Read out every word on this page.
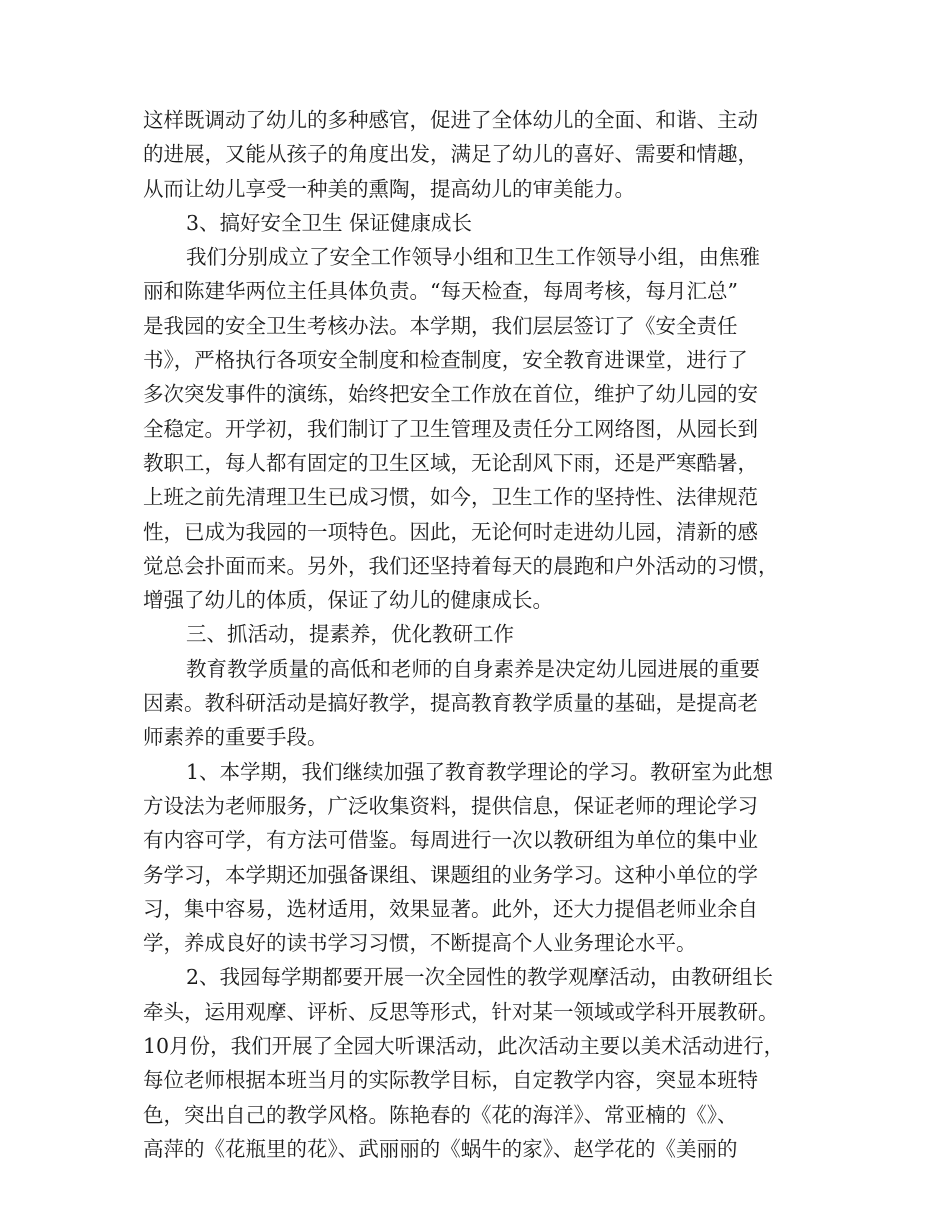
这样既调动了幼儿的多种感官，促进了全体幼儿的全面、和谐、主动
的进展，又能从孩子的角度出发，满足了幼儿的喜好、需要和情趣，
从而让幼儿享受一种美的熏陶，提高幼儿的审美能力。
3、搞好安全卫生 保证健康成长
我们分别成立了安全工作领导小组和卫生工作领导小组，由焦雅
丽和陈建华两位主任具体负责。“每天检查，每周考核，每月汇总”
是我园的安全卫生考核办法。本学期，我们层层签订了《安全责任
书》，严格执行各项安全制度和检查制度，安全教育进课堂，进行了
多次突发事件的演练，始终把安全工作放在首位，维护了幼儿园的安
全稳定。开学初，我们制订了卫生管理及责任分工网络图，从园长到
教职工，每人都有固定的卫生区域，无论刮风下雨，还是严寒酷暑，
上班之前先清理卫生已成习惯，如今，卫生工作的坚持性、法律规范
性，已成为我园的一项特色。因此，无论何时走进幼儿园，清新的感
觉总会扑面而来。另外，我们还坚持着每天的晨跑和户外活动的习惯，
增强了幼儿的体质，保证了幼儿的健康成长。
三、抓活动，提素养，优化教研工作
教育教学质量的高低和老师的自身素养是决定幼儿园进展的重要
因素。教科研活动是搞好教学，提高教育教学质量的基础，是提高老
师素养的重要手段。
1、本学期，我们继续加强了教育教学理论的学习。教研室为此想
方设法为老师服务，广泛收集资料，提供信息，保证老师的理论学习
有内容可学，有方法可借鉴。每周进行一次以教研组为单位的集中业
务学习，本学期还加强备课组、课题组的业务学习。这种小单位的学
习，集中容易，选材适用，效果显著。此外，还大力提倡老师业余自
学，养成良好的读书学习习惯，不断提高个人业务理论水平。
2、我园每学期都要开展一次全园性的教学观摩活动，由教研组长
牵头，运用观摩、评析、反思等形式，针对某一领域或学科开展教研。
10月份，我们开展了全园大听课活动，此次活动主要以美术活动进行，
每位老师根据本班当月的实际教学目标，自定教学内容，突显本班特
色，突出自己的教学风格。陈艳春的《花的海洋》、常亚楠的《》、
高萍的《花瓶里的花》、武丽丽的《蜗牛的家》、赵学花的《美丽的
